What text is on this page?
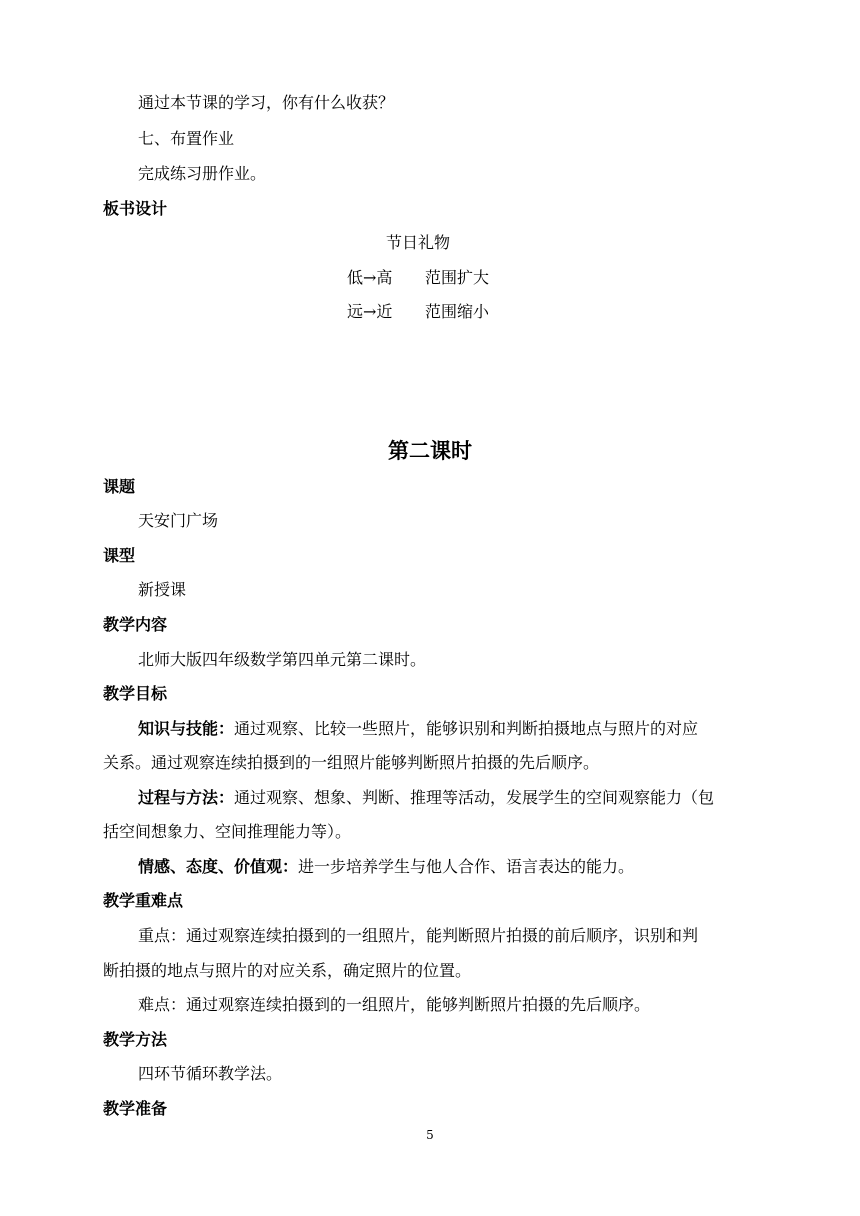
通过本节课的学习，你有什么收获？
七、布置作业
完成练习册作业。
板书设计
节日礼物
低→高 范围扩大
远→近 范围缩小
第二课时
课题
天安门广场
课型
新授课
教学内容
北师大版四年级数学第四单元第二课时。
教学目标
知识与技能：通过观察、比较一些照片，能够识别和判断拍摄地点与照片的对应
关系。通过观察连续拍摄到的一组照片能够判断照片拍摄的先后顺序。
过程与方法：通过观察、想象、判断、推理等活动，发展学生的空间观察能力（包
括空间想象力、空间推理能力等）。
情感、态度、价值观：进一步培养学生与他人合作、语言表达的能力。
教学重难点
重点：通过观察连续拍摄到的一组照片，能判断照片拍摄的前后顺序，识别和判
断拍摄的地点与照片的对应关系，确定照片的位置。
难点：通过观察连续拍摄到的一组照片，能够判断照片拍摄的先后顺序。
教学方法
四环节循环教学法。
教学准备
5
